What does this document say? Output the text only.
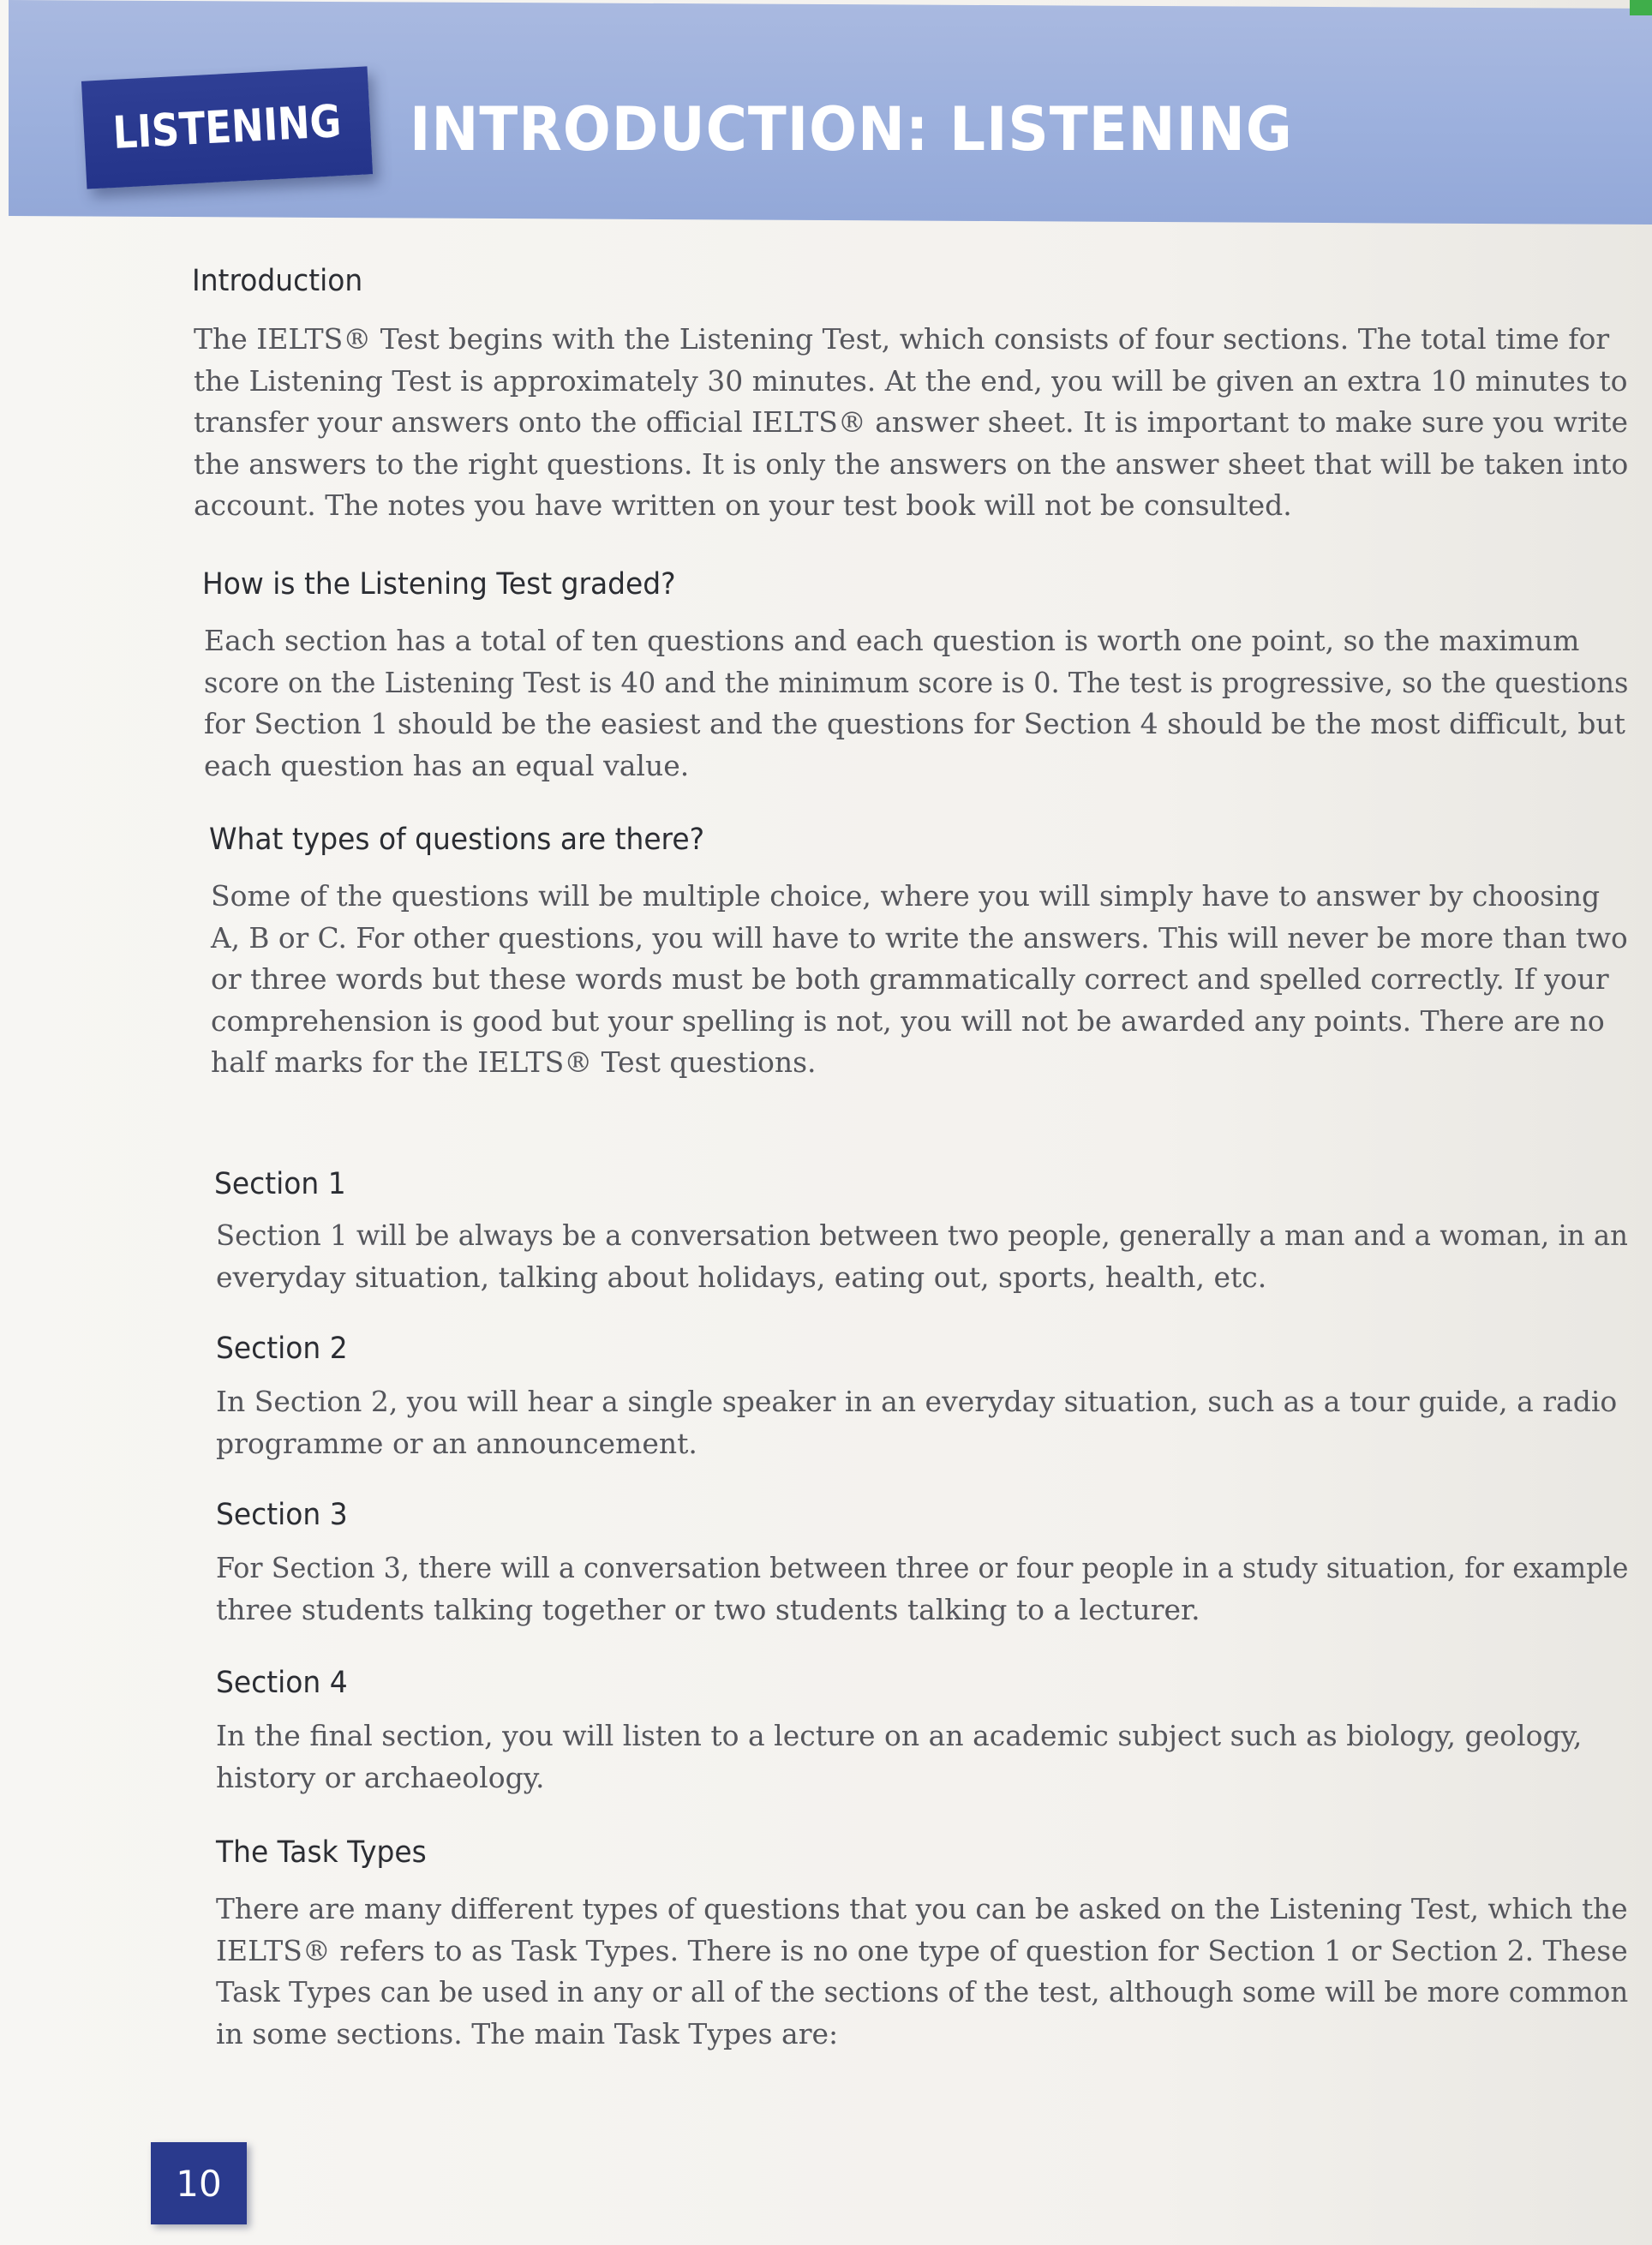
LISTENING INTRODUCTION: LISTENING
Introduction

The IELTS® Test begins with the Listening Test, which consists of four sections. The total time for
the Listening Test is approximately 30 minutes. At the end, you will be given an extra 10 minutes to
transfer your answers onto the official IELTS® answer sheet. It is important to make sure you write
the answers to the right questions. It is only the answers on the answer sheet that will be taken into
account. The notes you have written on your test book will not be consulted.

How is the Listening Test graded?

Each section has a total of ten questions and each question is worth one point, so the maximum
score on the Listening Test is 40 and the minimum score is 0. The test is progressive, so the questions
for Section 1 should be the easiest and the questions for Section 4 should be the most difficult, but
each question has an equal value.

What types of questions are there?

Some of the questions will be multiple choice, where you will simply have to answer by choosing
A, B or C. For other questions, you will have to write the answers. This will never be more than two
or three words but these words must be both grammatically correct and spelled correctly. If your
comprehension is good but your spelling is not, you will not be awarded any points. There are no
half marks for the IELTS® Test questions.

Section 1

Section 1 will be always be a conversation between two people, generally a man and a woman, in an
everyday situation, talking about holidays, eating out, sports, health, etc.

Section 2

In Section 2, you will hear a single speaker in an everyday situation, such as a tour guide, a radio
programme or an announcement.

Section 3

For Section 3, there will a conversation between three or four people in a study situation, for example
three students talking together or two students talking to a lecturer.

Section 4

In the final section, you will listen to a lecture on an academic subject such as biology, geology,
history or archaeology.

The Task Types

There are many different types of questions that you can be asked on the Listening Test, which the
IELTS® refers to as Task Types. There is no one type of question for Section 1 or Section 2. These
Task Types can be used in any or all of the sections of the test, although some will be more common
in some sections. The main Task Types are:

10
